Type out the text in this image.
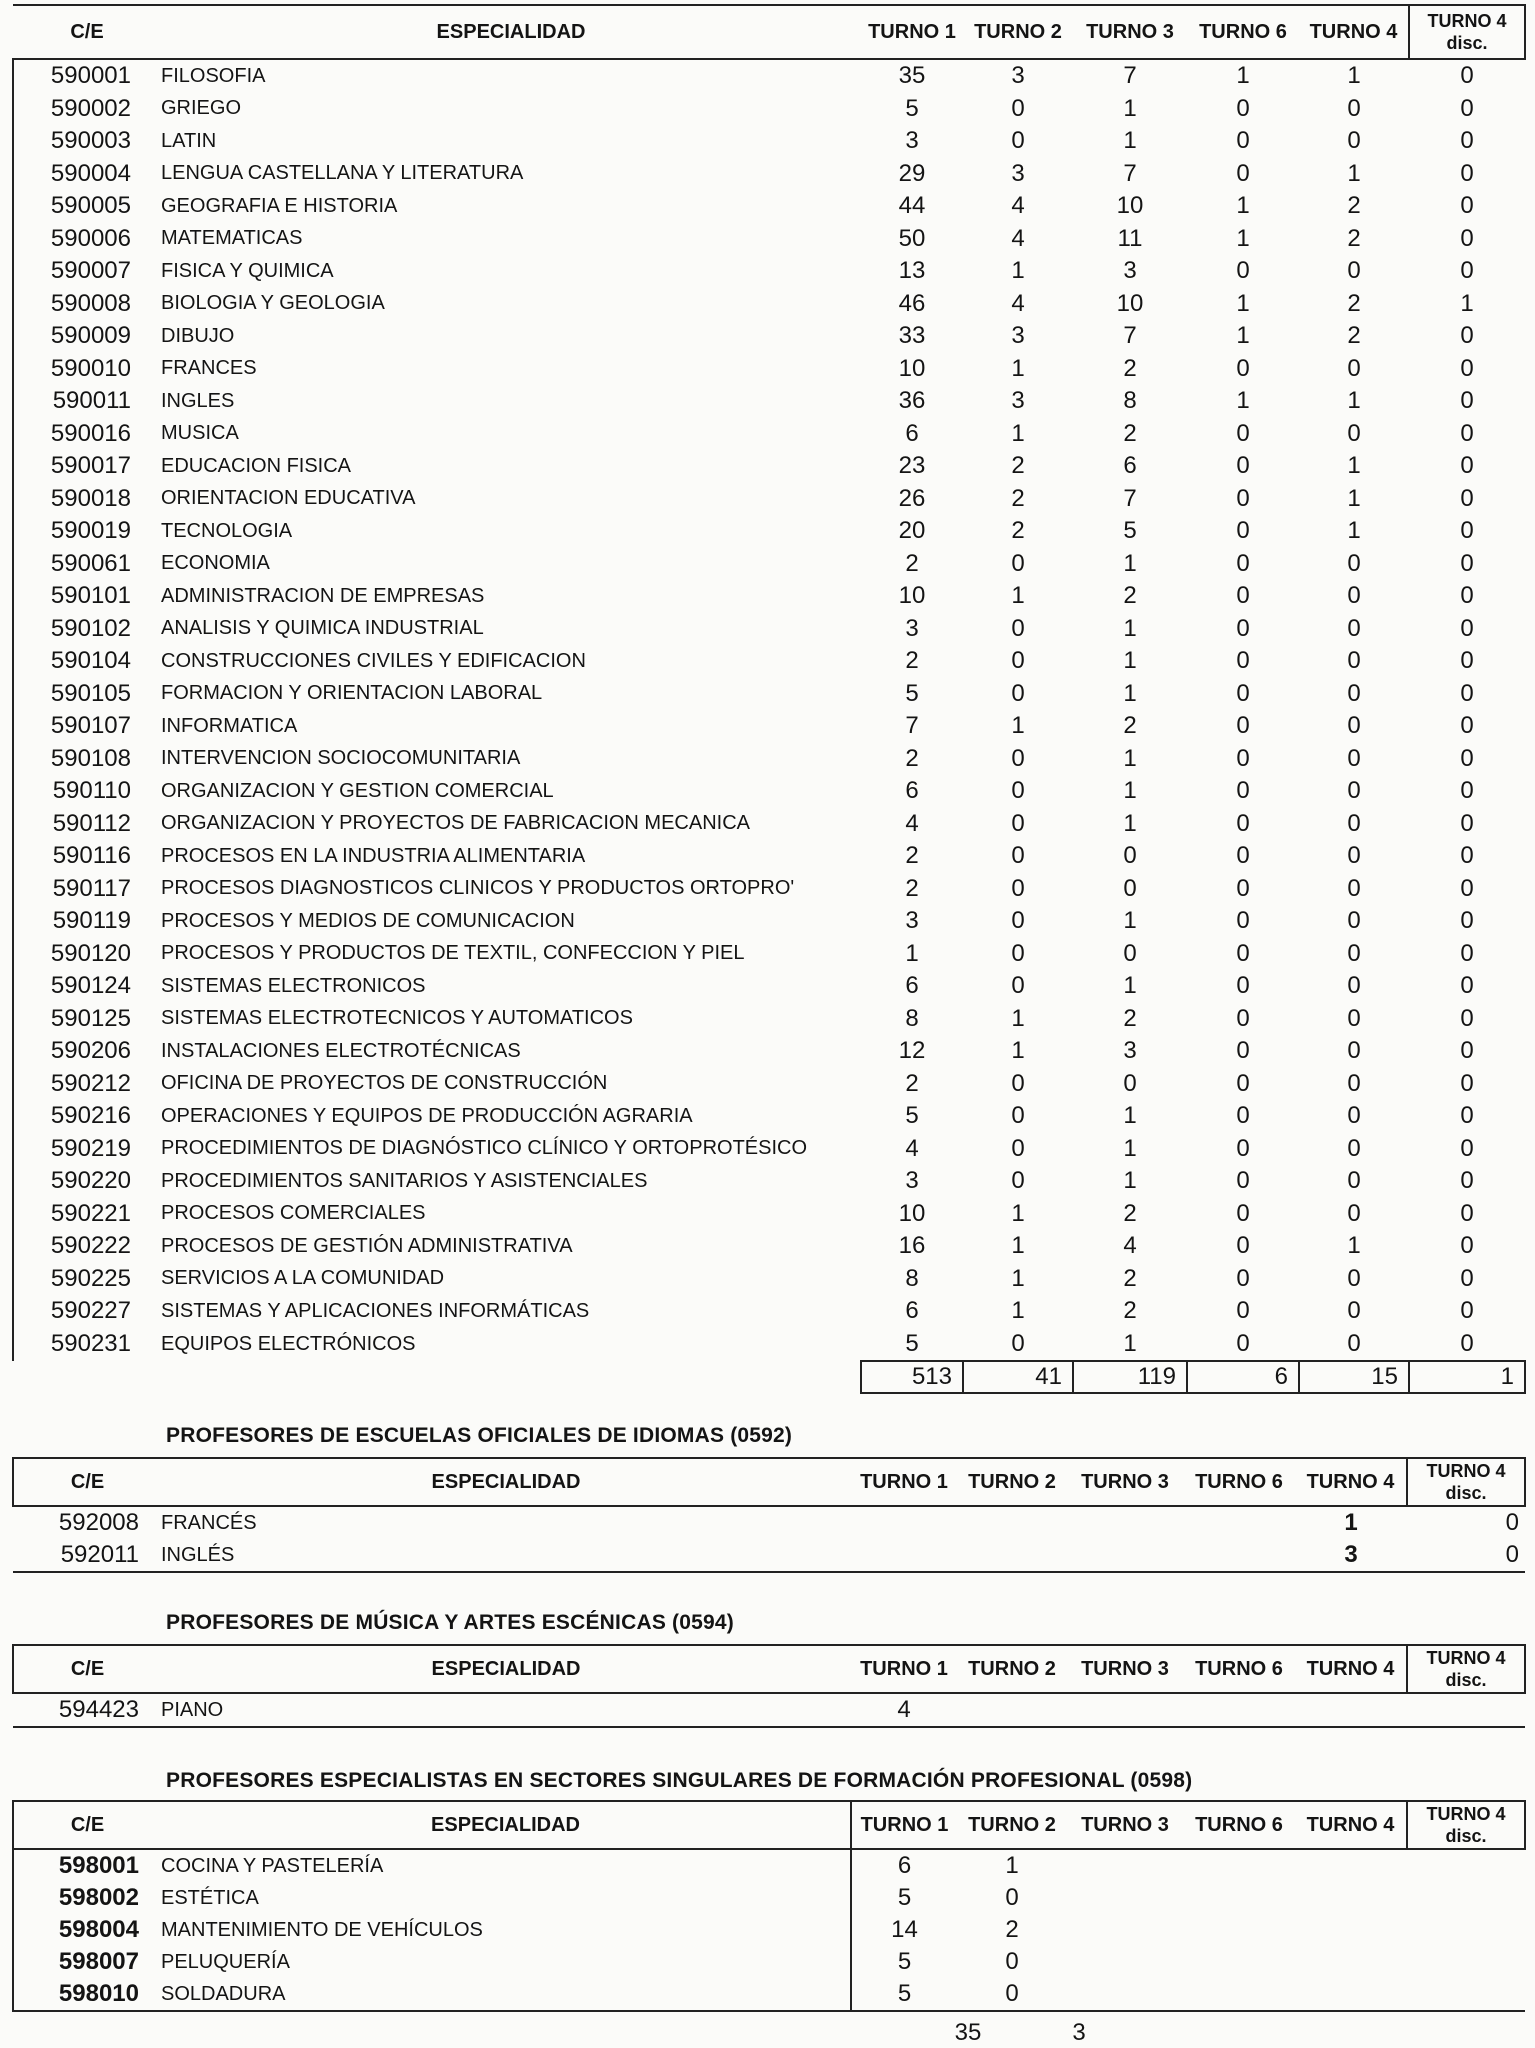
C/E	ESPECIALIDAD	TURNO 1	TURNO 2	TURNO 3	TURNO 6	TURNO 4	TURNO 4
disc.
590001	FILOSOFIA	35	3	7	1	1	0
590002	GRIEGO	5	0	1	0	0	0
590003	LATIN	3	0	1	0	0	0
590004	LENGUA CASTELLANA Y LITERATURA	29	3	7	0	1	0
590005	GEOGRAFIA E HISTORIA	44	4	10	1	2	0
590006	MATEMATICAS	50	4	11	1	2	0
590007	FISICA Y QUIMICA	13	1	3	0	0	0
590008	BIOLOGIA Y GEOLOGIA	46	4	10	1	2	1
590009	DIBUJO	33	3	7	1	2	0
590010	FRANCES	10	1	2	0	0	0
590011	INGLES	36	3	8	1	1	0
590016	MUSICA	6	1	2	0	0	0
590017	EDUCACION FISICA	23	2	6	0	1	0
590018	ORIENTACION EDUCATIVA	26	2	7	0	1	0
590019	TECNOLOGIA	20	2	5	0	1	0
590061	ECONOMIA	2	0	1	0	0	0
590101	ADMINISTRACION DE EMPRESAS	10	1	2	0	0	0
590102	ANALISIS Y QUIMICA INDUSTRIAL	3	0	1	0	0	0
590104	CONSTRUCCIONES CIVILES Y EDIFICACION	2	0	1	0	0	0
590105	FORMACION Y ORIENTACION LABORAL	5	0	1	0	0	0
590107	INFORMATICA	7	1	2	0	0	0
590108	INTERVENCION SOCIOCOMUNITARIA	2	0	1	0	0	0
590110	ORGANIZACION Y GESTION COMERCIAL	6	0	1	0	0	0
590112	ORGANIZACION Y PROYECTOS DE FABRICACION MECANICA	4	0	1	0	0	0
590116	PROCESOS EN LA INDUSTRIA ALIMENTARIA	2	0	0	0	0	0
590117	PROCESOS DIAGNOSTICOS CLINICOS Y PRODUCTOS ORTOPRO'	2	0	0	0	0	0
590119	PROCESOS Y MEDIOS DE COMUNICACION	3	0	1	0	0	0
590120	PROCESOS Y PRODUCTOS DE TEXTIL, CONFECCION Y PIEL	1	0	0	0	0	0
590124	SISTEMAS ELECTRONICOS	6	0	1	0	0	0
590125	SISTEMAS ELECTROTECNICOS Y AUTOMATICOS	8	1	2	0	0	0
590206	INSTALACIONES ELECTROTÉCNICAS	12	1	3	0	0	0
590212	OFICINA DE PROYECTOS DE CONSTRUCCIÓN	2	0	0	0	0	0
590216	OPERACIONES Y EQUIPOS DE PRODUCCIÓN AGRARIA	5	0	1	0	0	0
590219	PROCEDIMIENTOS DE DIAGNÓSTICO CLÍNICO Y ORTOPROTÉSICO	4	0	1	0	0	0
590220	PROCEDIMIENTOS SANITARIOS Y ASISTENCIALES	3	0	1	0	0	0
590221	PROCESOS COMERCIALES	10	1	2	0	0	0
590222	PROCESOS DE GESTIÓN ADMINISTRATIVA	16	1	4	0	1	0
590225	SERVICIOS A LA COMUNIDAD	8	1	2	0	0	0
590227	SISTEMAS Y APLICACIONES INFORMÁTICAS	6	1	2	0	0	0
590231	EQUIPOS ELECTRÓNICOS	5	0	1	0	0	0
		513	41	119	6	15	1
PROFESORES DE ESCUELAS OFICIALES DE IDIOMAS (0592)
C/E	ESPECIALIDAD	TURNO 1	TURNO 2	TURNO 3	TURNO 6	TURNO 4	TURNO 4
disc.
592008	FRANCÉS					1	0
592011	INGLÉS					3	0
PROFESORES DE MÚSICA Y ARTES ESCÉNICAS (0594)
C/E	ESPECIALIDAD	TURNO 1	TURNO 2	TURNO 3	TURNO 6	TURNO 4	TURNO 4
disc.
594423	PIANO	4					
PROFESORES ESPECIALISTAS EN SECTORES SINGULARES DE FORMACIÓN PROFESIONAL (0598)
C/E	ESPECIALIDAD	TURNO 1	TURNO 2	TURNO 3	TURNO 6	TURNO 4	TURNO 4
disc.
598001	COCINA Y PASTELERÍA	6	1				
598002	ESTÉTICA	5	0				
598004	MANTENIMIENTO DE VEHÍCULOS	14	2				
598007	PELUQUERÍA	5	0				
598010	SOLDADURA	5	0				
35	3
